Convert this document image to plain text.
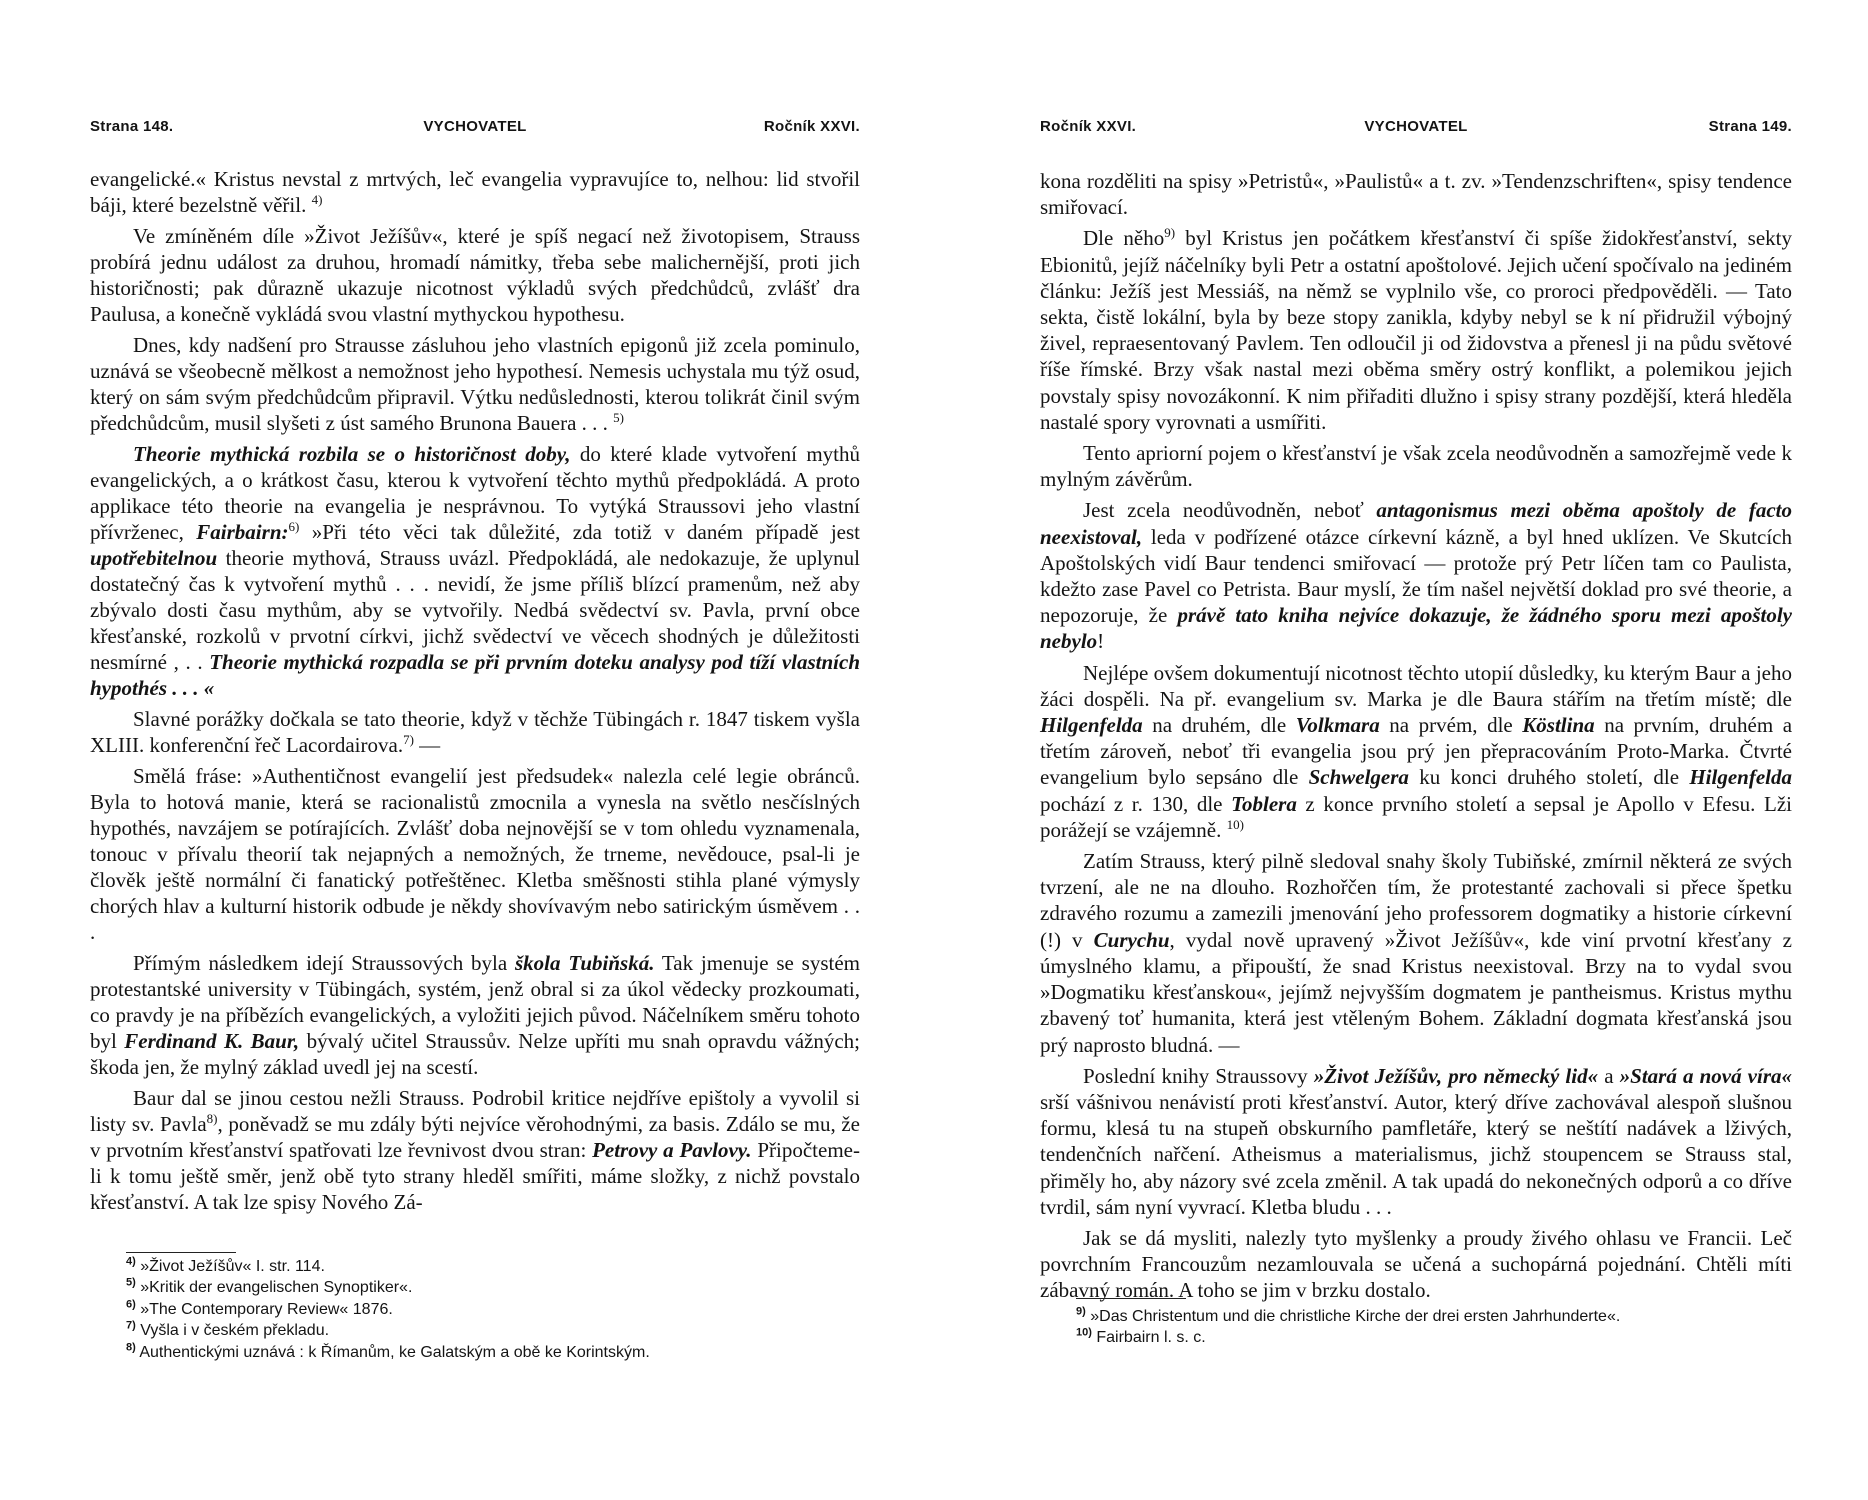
Strana 148.	VYCHOVATEL	Ročník XXVI.

evangelické.« Kristus nevstal z mrtvých, leč evangelia vypravujíce to, nelhou: lid stvořil báji, které bezelstně věřil. $^{4)}$

Ve zmíněném díle »Život Ježíšův«, které je spíš negací než životopisem, Strauss probírá jednu událost za druhou, hromadí námitky, třeba sebe malichernější, proti jich historičnosti; pak důrazně ukazuje nicotnost výkladů svých předchůdců, zvlášť dra Paulusa, a konečně vykládá svou vlastní mythyckou hypothesu.

Dnes, kdy nadšení pro Strausse zásluhou jeho vlastních epigonů již zcela pominulo, uznává se všeobecně mělkost a nemožnost jeho hypothesí. Nemesis uchystala mu týž osud, který on sám svým předchůdcům připravil. Výtku nedůslednosti, kterou tolikrát činil svým předchůdcům, musil slyšeti z úst samého Brunona Bauera . . . $^{5)}$

Theorie mythická rozbila se o historičnost doby, do které klade vytvoření mythů evangelických, a o krátkost času, kterou k vytvoření těchto mythů předpokládá. A proto applikace této theorie na evangelia je nesprávnou. To vytýká Straussovi jeho vlastní přívrženec, Fairbairn:$^{6)}$ »Při této věci tak důležité, zda totiž v daném případě jest upotřebitelnou theorie mythová, Strauss uvázl. Předpokládá, ale nedokazuje, že uplynul dostatečný čas k vytvoření mythů . . . nevidí, že jsme příliš blízcí pramenům, než aby zbývalo dosti času mythům, aby se vytvořily. Nedbá svědectví sv. Pavla, první obce křesťanské, rozkolů v prvotní církvi, jichž svědectví ve věcech shodných je důležitosti nesmírné , . . Theorie mythická rozpadla se při prvním doteku analysy pod tíží vlastních hypothés . . . «

Slavné porážky dočkala se tato theorie, když v těchže Tübingách r. 1847 tiskem vyšla XLIII. konferenční řeč Lacordairova.$^{7)}$ —

Smělá fráse: »Authentičnost evangelií jest předsudek« nalezla celé legie obránců. Byla to hotová manie, která se racionalistů zmocnila a vynesla na světlo nesčíslných hypothés, navzájem se potírajících. Zvlášť doba nejnovější se v tom ohledu vyznamenala, tonouc v přívalu theorií tak nejapných a nemožných, že trneme, nevědouce, psal-li je člověk ještě normální či fanatický potřeštěnec. Kletba směšnosti stihla plané výmysly chorých hlav a kulturní historik odbude je někdy shovívavým nebo satirickým úsměvem . . .

Přímým následkem idejí Straussových byla škola Tubiňská. Tak jmenuje se systém protestantské university v Tübingách, systém, jenž obral si za úkol vědecky prozkoumati, co pravdy je na příbězích evangelických, a vyložiti jejich původ. Náčelníkem směru tohoto byl Ferdinand K. Baur, bývalý učitel Straussův. Nelze upříti mu snah opravdu vážných; škoda jen, že mylný základ uvedl jej na scestí.

Baur dal se jinou cestou nežli Strauss. Podrobil kritice nejdříve epištoly a vyvolil si listy sv. Pavla$^{8)}$, poněvadž se mu zdály býti nejvíce věrohodnými, za basis. Zdálo se mu, že v prvotním křesťanství spatřovati lze řevnivost dvou stran: Petrovy a Pavlovy. Připočteme-li k tomu ještě směr, jenž obě tyto strany hleděl smířiti, máme složky, z nichž povstalo křesťanství. A tak lze spisy Nového Zá-

$^{4)}$ »Život Ježíšův« I. str. 114.
$^{5)}$ »Kritik der evangelischen Synoptiker«.
$^{6)}$ »The Contemporary Review« 1876.
$^{7)}$ Vyšla i v českém překladu.
$^{8)}$ Authentickými uznává : k Římanům, ke Galatským a obě ke Korintským.
Ročník XXVI.	VYCHOVATEL	Strana 149.

kona rozděliti na spisy »Petristů«, »Paulistů« a t. zv. »Tendenzschriften«, spisy tendence smiřovací.

Dle něho$^{9)}$ byl Kristus jen počátkem křesťanství či spíše židokřesťanství, sekty Ebionitů, jejíž náčelníky byli Petr a ostatní apoštolové. Jejich učení spočívalo na jediném článku: Ježíš jest Messiáš, na němž se vyplnilo vše, co proroci předpověděli. — Tato sekta, čistě lokální, byla by bezе stopy zanikla, kdyby nebyl se k ní přidružil výbojný živel, repraesentovaný Pavlem. Ten odloučil ji od židovstva a přenesl ji na půdu světové říše římské. Brzy však nastal mezi oběma směry ostrý konflikt, a polemikou jejich povstaly spisy novozákonní. K nim přiřaditi dlužno i spisy strany pozdější, která hleděla nastalé spory vyrovnati a usmířiti.

Tento apriorní pojem o křesťanství je však zcela neodůvodněn a samozřejmě vede k mylným závěrům.

Jest zcela neodůvodněn, neboť antagonismus mezi oběma apoštoly de facto neexistoval, leda v podřízené otázce církevní kázně, a byl hned uklízen. Ve Skutcích Apoštolských vidí Baur tendenci smiřovací — protože prý Petr líčen tam co Paulista, kdežto zase Pavel co Petrista. Baur myslí, že tím našel největší doklad pro své theorie, a nepozoruje, že právě tato kniha nejvíce dokazuje, že žádného sporu mezi apoštoly nebylo!

Nejlépe ovšem dokumentují nicotnost těchto utopií důsledky, ku kterým Baur a jeho žáci dospěli. Na př. evangelium sv. Marka je dle Baura stářím na třetím místě; dle Hilgenfelda na druhém, dle Volkmara na prvém, dle Köstlina na prvním, druhém a třetím zároveň, neboť tři evangelia jsou prý jen přepracováním Proto-Marka. Čtvrté evangelium bylo sepsáno dle Schwelgera ku konci druhého století, dle Hilgenfelda pochází z r. 130, dle Toblera z konce prvního století a sepsal je Apollo v Efesu. Lži porážejí se vzájemně. $^{10)}$

Zatím Strauss, který pilně sledoval snahy školy Tubiňské, zmírnil některá ze svých tvrzení, ale ne na dlouho. Rozhořčen tím, že protestanté zachovali si přece špetku zdravého rozumu a zamezili jmenování jeho professorem dogmatiky a historie církevní (!) v Curychu, vydal nově upravený »Život Ježíšův«, kde viní prvotní křesťany z úmyslného klamu, a připouští, že snad Kristus neexistoval. Brzy na to vydal svou »Dogmatiku křesťanskou«, jejímž nejvyšším dogmatem je pantheismus. Kristus mythu zbavený toť humanita, která jest vtěleným Bohem. Základní dogmata křesťanská jsou prý naprosto bludná. —

Poslední knihy Straussovy »Život Ježíšův, pro německý lid« a »Stará a nová víra« srší vášnivou nenávistí proti křesťanství. Autor, který dříve zachovával alespoň slušnou formu, klesá tu na stupeň obskurního pamfletáře, který se neštítí nadávek a lživých, tendenčních nařčení. Atheismus a materialismus, jichž stoupencem se Strauss stal, přiměly ho, aby názory své zcela změnil. A tak upadá do nekonečných odporů a co dříve tvrdil, sám nyní vyvrací. Kletba bludu . . .

Jak se dá mysliti, nalezly tyto myšlenky a proudy živého ohlasu ve Francii. Leč povrchním Francouzům nezamlouvala se učená a suchopárná pojednání. Chtěli míti zábavný román. A toho se jim v brzku dostalo.

$^{9)}$ »Das Christentum und die christliche Kirche der drei ersten Jahrhunderte«.
$^{10)}$ Fairbairn l. s. c.
